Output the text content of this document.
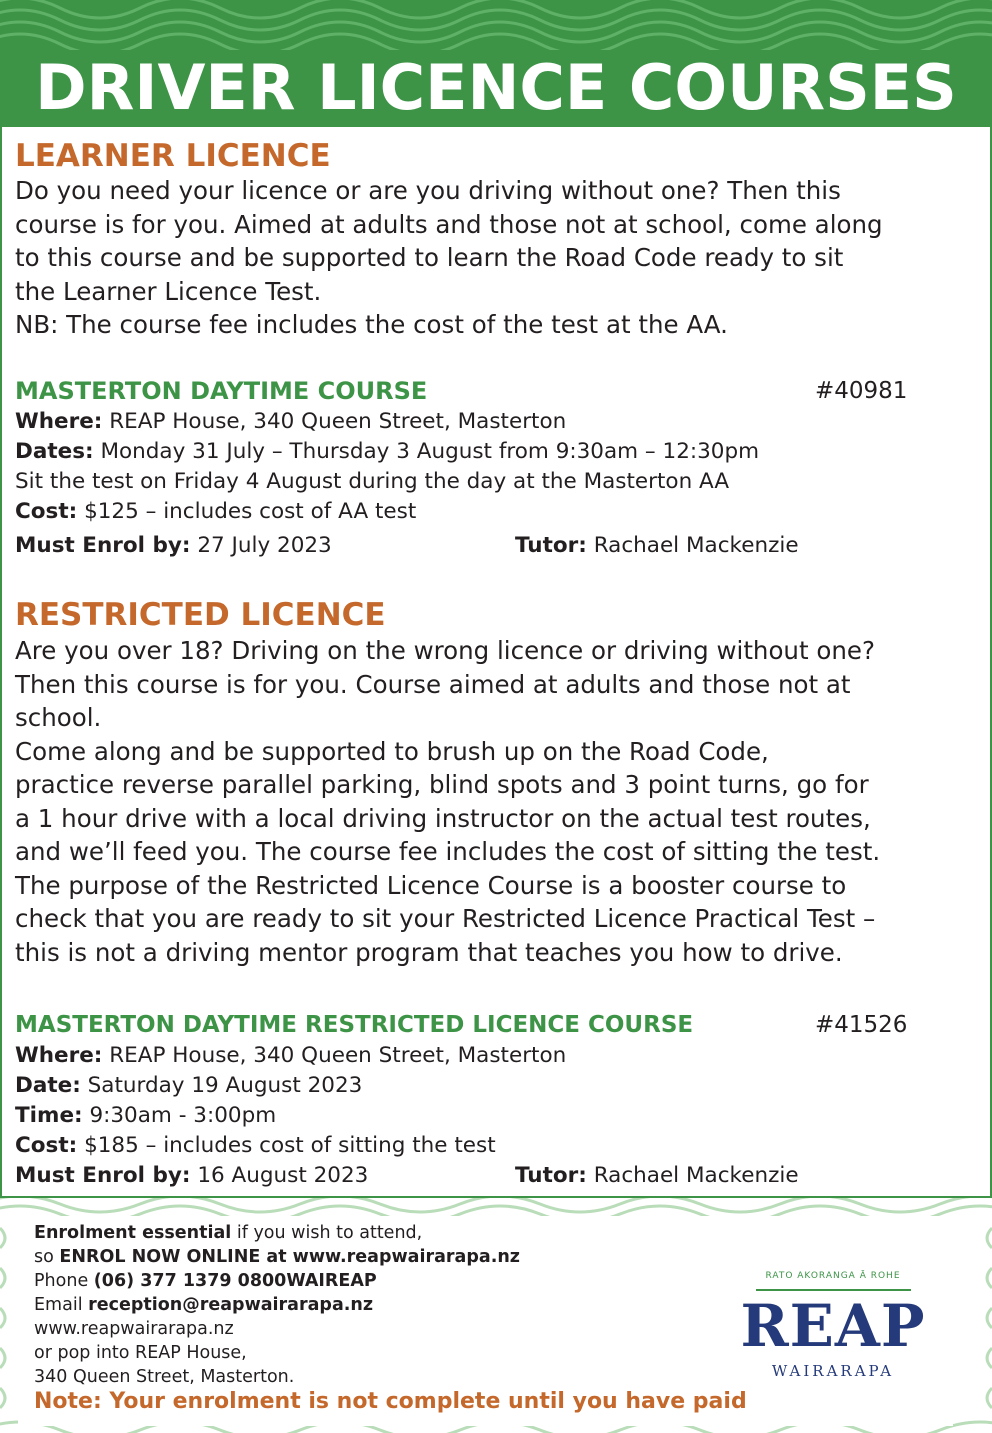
DRIVER LICENCE COURSES
LEARNER LICENCE
Do you need your licence or are you driving without one? Then this
course is for you. Aimed at adults and those not at school, come along
to this course and be supported to learn the Road Code ready to sit
the Learner Licence Test.
NB: The course fee includes the cost of the test at the AA.
MASTERTON DAYTIME COURSE	#40981
Where: REAP House, 340 Queen Street, Masterton
Dates: Monday 31 July – Thursday 3 August from 9:30am – 12:30pm
Sit the test on Friday 4 August during the day at the Masterton AA
Cost: $125 – includes cost of AA test
Must Enrol by: 27 July 2023	Tutor: Rachael Mackenzie
RESTRICTED LICENCE
Are you over 18? Driving on the wrong licence or driving without one?
Then this course is for you. Course aimed at adults and those not at
school.
Come along and be supported to brush up on the Road Code,
practice reverse parallel parking, blind spots and 3 point turns, go for
a 1 hour drive with a local driving instructor on the actual test routes,
and we’ll feed you. The course fee includes the cost of sitting the test.
The purpose of the Restricted Licence Course is a booster course to
check that you are ready to sit your Restricted Licence Practical Test –
this is not a driving mentor program that teaches you how to drive.
MASTERTON DAYTIME RESTRICTED LICENCE COURSE	#41526
Where: REAP House, 340 Queen Street, Masterton
Date: Saturday 19 August 2023
Time: 9:30am - 3:00pm
Cost: $185 – includes cost of sitting the test
Must Enrol by: 16 August 2023	Tutor: Rachael Mackenzie
Enrolment essential if you wish to attend,
so ENROL NOW ONLINE at www.reapwairarapa.nz
Phone (06) 377 1379 0800WAIREAP
Email reception@reapwairarapa.nz
www.reapwairarapa.nz
or pop into REAP House,
340 Queen Street, Masterton.
Note: Your enrolment is not complete until you have paid
RATO AKORANGA Ā ROHE
REAP
WAIRARAPA
